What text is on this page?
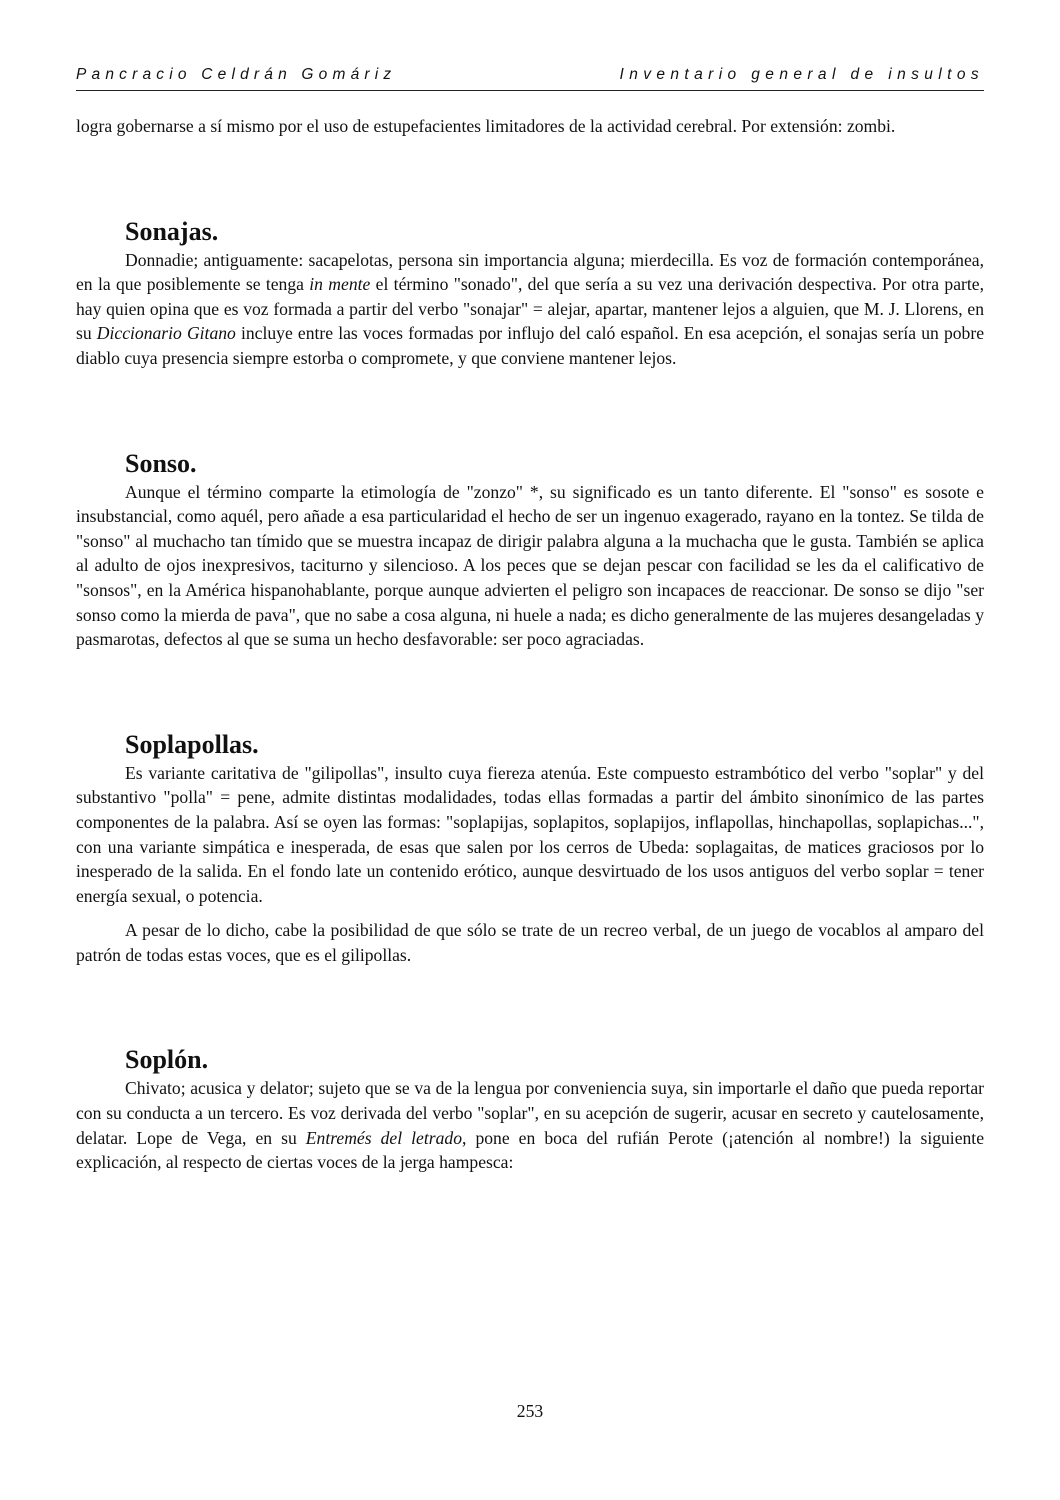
Pancracio Celdrán Gomáriz	Inventario general de insultos

logra gobernarse a sí mismo por el uso de estupefacientes limitadores de la actividad cerebral. Por extensión: zombi.

Sonajas.

Donnadie; antiguamente: sacapelotas, persona sin importancia alguna; mierdecilla. Es voz de formación contemporánea, en la que posiblemente se tenga in mente el término "sonado", del que sería a su vez una derivación despectiva. Por otra parte, hay quien opina que es voz formada a partir del verbo "sonajar" = alejar, apartar, mantener lejos a alguien, que M. J. Llorens, en su Diccionario Gitano incluye entre las voces formadas por influjo del caló español. En esa acepción, el sonajas sería un pobre diablo cuya presencia siempre estorba o compromete, y que conviene mantener lejos.

Sonso.

Aunque el término comparte la etimología de "zonzo" *, su significado es un tanto diferente. El "sonso" es sosote e insubstancial, como aquél, pero añade a esa particularidad el hecho de ser un ingenuo exagerado, rayano en la tontez. Se tilda de "sonso" al muchacho tan tímido que se muestra incapaz de dirigir palabra alguna a la muchacha que le gusta. También se aplica al adulto de ojos inexpresivos, taciturno y silencioso. A los peces que se dejan pescar con facilidad se les da el calificativo de "sonsos", en la América hispanohablante, porque aunque advierten el peligro son incapaces de reaccionar. De sonso se dijo "ser sonso como la mierda de pava", que no sabe a cosa alguna, ni huele a nada; es dicho generalmente de las mujeres desangeladas y pasmarotas, defectos al que se suma un hecho desfavorable: ser poco agraciadas.

Soplapollas.

Es variante caritativa de "gilipollas", insulto cuya fiereza atenúa. Este compuesto estrambótico del verbo "soplar" y del substantivo "polla" = pene, admite distintas modalidades, todas ellas formadas a partir del ámbito sinonímico de las partes componentes de la palabra. Así se oyen las formas: "soplapijas, soplapitos, soplapijos, inflapollas, hinchapollas, soplapichas...", con una variante simpática e inesperada, de esas que salen por los cerros de Ubeda: soplagaitas, de matices graciosos por lo inesperado de la salida. En el fondo late un contenido erótico, aunque desvirtuado de los usos antiguos del verbo soplar = tener energía sexual, o potencia.

A pesar de lo dicho, cabe la posibilidad de que sólo se trate de un recreo verbal, de un juego de vocablos al amparo del patrón de todas estas voces, que es el gilipollas.

Soplón.

Chivato; acusica y delator; sujeto que se va de la lengua por conveniencia suya, sin importarle el daño que pueda reportar con su conducta a un tercero. Es voz derivada del verbo "soplar", en su acepción de sugerir, acusar en secreto y cautelosamente, delatar. Lope de Vega, en su Entremés del letrado, pone en boca del rufián Perote (¡atención al nombre!) la siguiente explicación, al respecto de ciertas voces de la jerga hampesca:

253
